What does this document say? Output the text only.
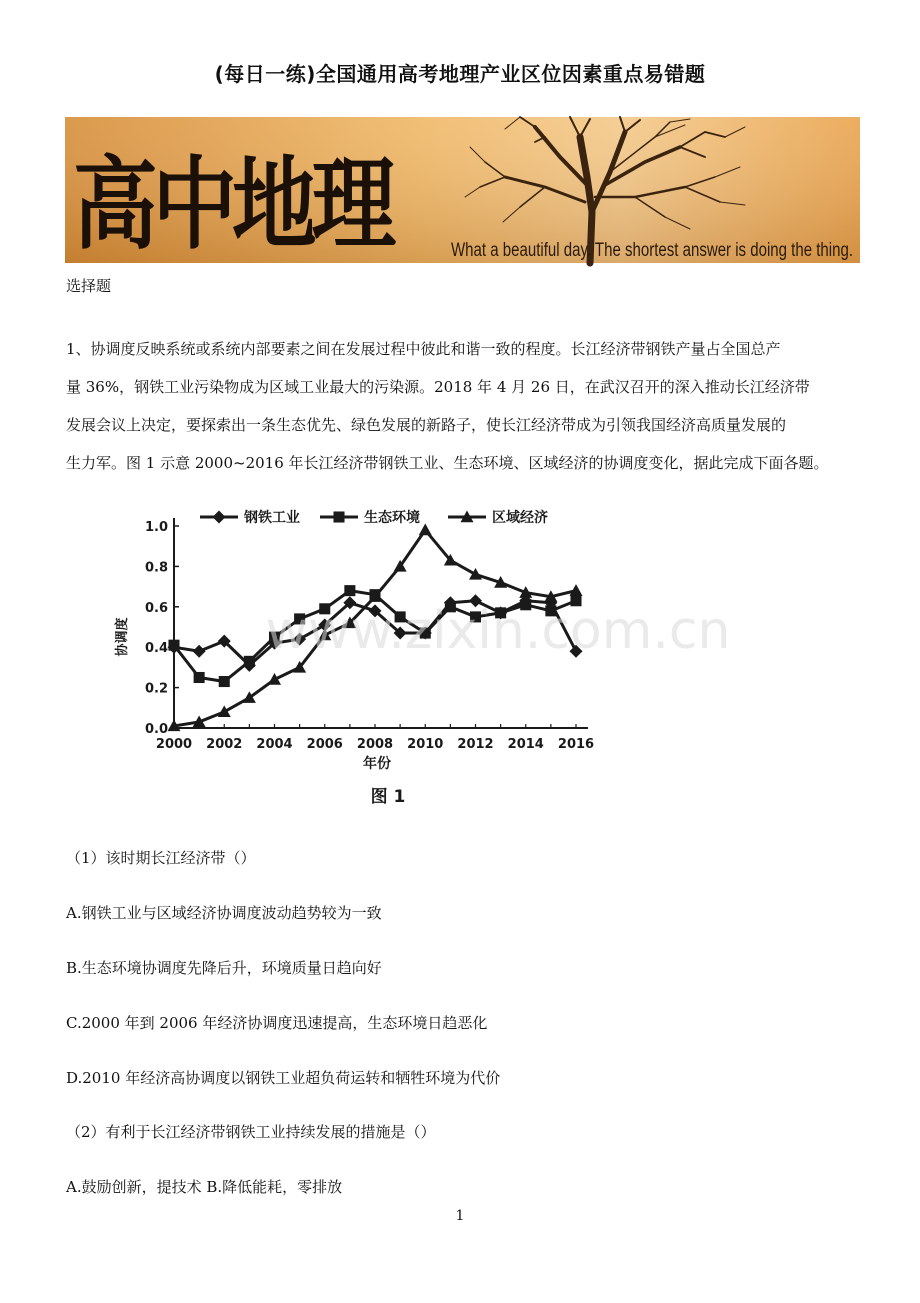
(每日一练)全国通用高考地理产业区位因素重点易错题
高中地理	What a beautiful day. The shortest answer is doing the thing.
选择题
1、协调度反映系统或系统内部要素之间在发展过程中彼此和谐一致的程度。长江经济带钢铁产量占全国总产
量 36%，钢铁工业污染物成为区域工业最大的污染源。2018 年 4 月 26 日，在武汉召开的深入推动长江经济带
发展会议上决定，要探索出一条生态优先、绿色发展的新路子，使长江经济带成为引领我国经济高质量发展的
生力军。图 1 示意 2000~2016 年长江经济带钢铁工业、生态环境、区域经济的协调度变化，据此完成下面各题。
0.0
0.2
0.4
0.6
0.8
1.0
2000 2002 2004 2006 2008 2010 2012 2014 2016
年份
协调度
钢铁工业	生态环境	区域经济
www.zixin.com.cn
图 1
（1）该时期长江经济带（）
A.钢铁工业与区域经济协调度波动趋势较为一致
B.生态环境协调度先降后升，环境质量日趋向好
C.2000 年到 2006 年经济协调度迅速提高，生态环境日趋恶化
D.2010 年经济高协调度以钢铁工业超负荷运转和牺牲环境为代价
（2）有利于长江经济带钢铁工业持续发展的措施是（）
A.鼓励创新，提技术 B.降低能耗，零排放
1
